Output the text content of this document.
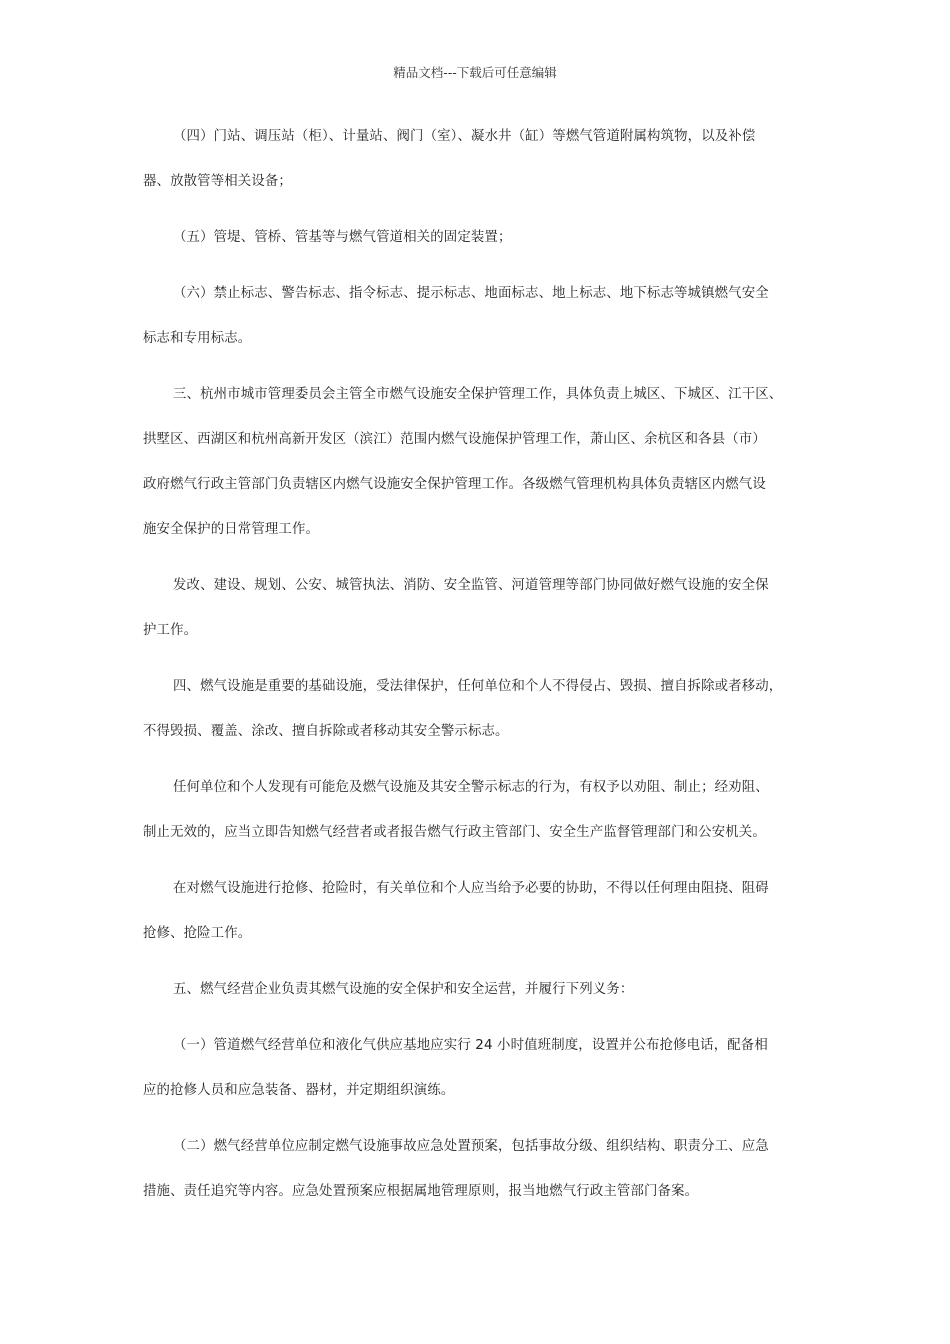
精品文档---下载后可任意编辑
（四）门站、调压站（柜）、计量站、阀门（室）、凝水井（缸）等燃气管道附属构筑物，以及补偿
器、放散管等相关设备；
（五）管堤、管桥、管基等与燃气管道相关的固定装置；
（六）禁止标志、警告标志、指令标志、提示标志、地面标志、地上标志、地下标志等城镇燃气安全
标志和专用标志。
三、杭州市城市管理委员会主管全市燃气设施安全保护管理工作，具体负责上城区、下城区、江干区、
拱墅区、西湖区和杭州高新开发区（滨江）范围内燃气设施保护管理工作，萧山区、余杭区和各县（市）
政府燃气行政主管部门负责辖区内燃气设施安全保护管理工作。各级燃气管理机构具体负责辖区内燃气设
施安全保护的日常管理工作。
发改、建设、规划、公安、城管执法、消防、安全监管、河道管理等部门协同做好燃气设施的安全保
护工作。
四、燃气设施是重要的基础设施，受法律保护，任何单位和个人不得侵占、毁损、擅自拆除或者移动，
不得毁损、覆盖、涂改、擅自拆除或者移动其安全警示标志。
任何单位和个人发现有可能危及燃气设施及其安全警示标志的行为，有权予以劝阻、制止；经劝阻、
制止无效的，应当立即告知燃气经营者或者报告燃气行政主管部门、安全生产监督管理部门和公安机关。
在对燃气设施进行抢修、抢险时，有关单位和个人应当给予必要的协助，不得以任何理由阻挠、阻碍
抢修、抢险工作。
五、燃气经营企业负责其燃气设施的安全保护和安全运营，并履行下列义务：
（一）管道燃气经营单位和液化气供应基地应实行 24 小时值班制度，设置并公布抢修电话，配备相
应的抢修人员和应急装备、器材，并定期组织演练。
（二）燃气经营单位应制定燃气设施事故应急处置预案，包括事故分级、组织结构、职责分工、应急
措施、责任追究等内容。应急处置预案应根据属地管理原则，报当地燃气行政主管部门备案。
